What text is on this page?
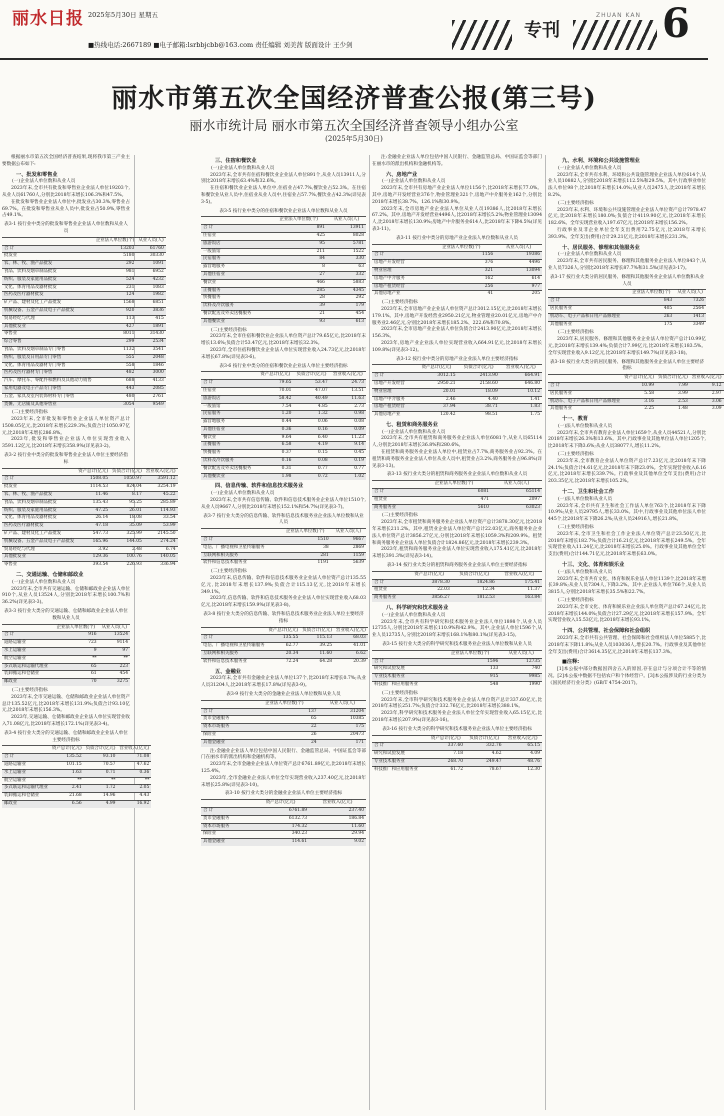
丽水日报 2025年5月30日 星期五
■热线电话:2667189 ■电子邮箱:lsrbbjcbb@163.com 责任编辑 刘美茜 版面设计 王少剑
专刊
ZHUAN KAN 6
丽水市第五次全国经济普查公报(第三号)
丽水市统计局 丽水市第五次全国经济普查领导小组办公室
(2025年5月30日)
根据丽水市第五次全国经济普查结果,现将我市第三产业主要数据公布如下:
一、批发和零售业
(一)企业法人单位数和从业人员
2023年末,全市共有批发和零售业企业法人单位19203个,从业人员61760人,分别比2018年末增长106.3%和47.5%。
在批发和零售业企业法人单位中,批发业占30.3%,零售业占69.7%。在批发和零售业从业人员中,批发业占50.9%,零售业占49.1%。
表3-1 按行业中类分的批发和零售业企业法人单位数和从业人员
	企业法人单位数(个)	从业人员(人)
合 计	13203	61760
批发业	5180	30330
农、林、牧、渔产品批发	292	1091
食品、饮料及烟草制品批发	981	6952
纺织、服装及家庭用品批发	524	4232
文化、体育用品及器材批发	231	1083
医药及医疗器材批发	124	1982
矿产品、建材及化工产品批发	1568	6851
机械设备、五金产品及电子产品批发	920	3836
贸易经纪与代理	113	415
其他批发业	427	1891
零售业	8011	31430
综合零售	299	2534
食品、饮料及烟草制品专门零售	1132	3541
纺织、服装及日用品专门零售	555	2048
文化、体育用品及器材专门零售	558	1846
医药及医疗器材专门零售	482	3000
汽车、摩托车、零配件和燃料及其他动力销售	688	4133
家用电器及电子产品专门零售	443	2085
五金、家具及室内装饰材料专门零售	480	2761
货摊、无店铺及其他零售业	3054	9549
(二)主要经济指标
2023年末,全市批发和零售业企业法人单位资产总计1508.05亿元,比2018年末增长229.3%;负债合计1050.97亿元,比2018年末增长286.8%。
2023年,批发和零售业企业法人单位实现营业收入3591.12亿元,比2018年末增长358.9%(详见表3-2)。
表3-2 按行业中类分的批发和零售业企业法人单位主要经济指标
	资产总计(亿元)	负债合计(亿元)	营业收入(亿元)
合 计	1508.05	1050.97	3591.12
批发业	1114.53	824.04	3254.19
农、林、牧、渔产品批发	11.46	8.17	45.22
食品、饮料及烟草制品批发	135.43	95.25	285.89
纺织、服装及家庭用品批发	47.25	26.01	114.93
文化、体育用品及器材批发	26.14	18.08	33.54
医药及医疗器材批发	47.18	35.09	53.99
矿产品、建材及化工产品批发	547.73	325.99	2145.50
机械设备、五金产品及电子产品批发	165.96	144.05	274.24
贸易经纪与代理	3.92	2.48	6.74
其他批发业	129.36	100.76	140.05
零售业	393.54	226.93	336.94
二、交通运输、仓储和邮政业
(一)企业法人单位数和从业人员
2023年末,全市共有交通运输、仓储和邮政业企业法人单位910个,从业人员13524人,分别比2018年末增长100.7%和36.2%(详见表3-3)。
表3-3 按行业大类分的交通运输、仓储和邮政业企业法人单位数和从业人员
	企业法人单位数(个)	从业人员(人)
合 计	916	13524
道路运输业	723	9114
水上运输业	9	97
航空运输业	**	**
多式联运和运输代理业	65	223
装卸搬运和仓储业	61	454
邮政业	70	3275
(二)主要经济指标
2023年末,全市交通运输、仓储和邮政业企业法人单位资产总计135.52亿元,比2018年末增长131.9%;负债合计93.10亿元,比2018年末增长156.3%。
2023年,交通运输、仓储和邮政业企业法人单位实现营业收入71.08亿元,比2018年末增长172.1%(详见表3-4)。
表3-4 按行业大类分的交通运输、仓储和邮政业企业法人单位主要经济指标
	资产总计(亿元)	负债合计(亿元)	营业收入(亿元)
合 计	135.52	93.10	71.08
道路运输业	101.15	70.57	47.62
水上运输业	1.63	0.71	0.36
航空运输业	**	**	**
多式联运和运输代理业	2.41	1.72	2.05
装卸搬运和仓储业	21.68	14.96	4.43
邮政业	6.56	4.99	16.92
三、住宿和餐饮业
(一)企业法人单位数和从业人员
2023年末,全市共有住宿和餐饮业企业法人单位891个,从业人员13911人,分别比2018年末增长63.4%和32.6%。
在住宿和餐饮业企业法人单位中,住宿业占47.7%,餐饮业占52.3%。在住宿和餐饮业从业人员中,住宿业从业人员中,住宿业占57.7%,餐饮业占42.3%(详见表3-5)。
表3-5 按行业中类分的住宿和餐饮业企业法人单位数和从业人员
	企业法人单位数(个)	从业人员(人)
合 计	891	13911
住宿业	425	8028
旅游饭店	95	5781
一般旅馆	211	1522
民宿服务	84	330
露营地服务	8	63
其他住宿业	27	332
餐饮业	466	5883
正餐服务	285	4345
快餐服务	28	292
饮料及冷饮服务	39	179
餐饮配送及外卖送餐服务	21	454
其他餐饮业	93	613
(二)主要经济指标
2023年末,全市住宿和餐饮业企业法人单位资产总计79.65亿元,比2018年末增长13.6%;负债合计53.47亿元,比2018年末增长32.3%。
2023年,全市住宿和餐饮业企业法人单位实现营业收入24.73亿元,比2018年末增长67.8%(详见表3-6)。
表3-6 按行业中类分的住宿和餐饮业企业法人单位主要经济指标
	资产总计(亿元)	负债合计(亿元)	营业收入(亿元)
合 计	79.65	53.47	24.73
住宿业	70.01	47.07	13.51
旅游饭店	58.42	40.49	11.63
一般旅馆	7.54	4.85	2.73
民宿服务	1.20	1.32	0.98
露营地服务	0.44	0.06	0.08
其他住宿业	0.36	0.16	0.09
餐饮业	9.64	6.40	11.23
正餐服务	6.58	4.19	9.14
快餐服务	0.37	0.15	0.45
饮料及冷饮服务	0.16	0.08	0.19
餐饮配送及外卖送餐服务	0.31	0.77	0.77
其他餐饮业	1.98	0.72	1.02
四、信息传输、软件和信息技术服务业
(一)企业法人单位数和从业人员
2023年末,全市共有信息传输、软件和信息技术服务业企业法人单位1510个,从业人员9667人,分别比2018年末增长152.1%和54.7%(详见表3-7)。
表3-7 按行业大类分的信息传输、软件和信息技术服务业企业法人单位数和从业人员
	企业法人单位数(个)	从业人员(人)
合 计	1510	9667
电信、广播电视和卫星传输服务	38	2869
互联网和相关服务	281	1159
软件和信息技术服务业	1191	5639
(二)主要经济指标
2023年末,信息传输、软件和信息技术服务业企业法人单位资产总计135.55亿元,比2018年末增长137.9%;负债合计115.13亿元,比2018年末增长349.1%。
2023年,信息传输、软件和信息技术服务业企业法人单位实现营业收入68.03亿元,比2018年末增长159.9%(详见表3-8)。
表3-8 按行业大类分的信息传输、软件和信息技术服务业企业法人单位主要经济指标
	资产总计(亿元)	负债合计(亿元)	营业收入(亿元)
合 计	135.55	115.13	68.03
电信、广播电视和卫星传输服务	62.77	39.25	41.01
互联网和相关服务	20.34	11.60	6.62
软件和信息技术服务业	72.24	64.28	20.39
五、金融业
2023年末,全市共有金融业企业法人单位137个,比2018年末增长0.7%;从业人员31204人,比2018年末增长17.8%(详见表3-9)。
表3-9 按行业大类分的金融业企业法人单位数和从业人员
	企业法人单位数(个)	从业人员(人)
合 计	137	31204
货币金融服务	65	10385
资本市场服务	22	175
保险业	26	20473
其他金融业	24	171
注:金融业企业法人单位包括中国人民银行、金融监管总局、中国证监会等部门在丽水市的派出机构和金融机构等。
2023年末,全市金融业企业法人单位资产总计6761.89亿元,比2018年末增长125.4%。
2023年,全市金融业企业法人单位全年实现营业收入237.40亿元,比2018年末增长25.8%(详见表3-10)。
表3-10 按行业大类分的金融业企业法人单位主要经济指标
	资产总计(亿元)	营业收入(亿元)
合 计	6761.89	237.40
货币金融服务	6132.73	186.84
资本市场服务	174.32	11.60
保险业	340.23	29.94
其他金融业	114.61	9.02
注:金融业企业法人单位包括中国人民银行、金融监管总局、中国证监会等部门在丽水市的派出机构和金融机构等。
六、房地产业
(一)企业法人单位数和从业人员
2023年末,全市共有房地产业企业法人单位1156个,比2018年末增长77.0%。其中,房地产开发经营业376个,物业管理业321个,房地产中介服务业162个,分别比2018年末增长38.7%、126.1%和30.9%。
2023年末,全市房地产业企业法人单位从业人员19386人,比2018年末增长67.2%。其中,房地产开发经营业4496人,比2018年末增长5.2%;物业管理业13094人,比2018年末增长130.9%;房地产中介服务业614人,比2018年末下降4.5%(详见表3-11)。
表3-11 按行业中类分的房地产业企业法人单位数和从业人员
	企业法人单位数(个)	从业人员(人)
合 计	1156	19386
房地产开发经营	376	4496
物业管理	321	13094
房地产中介服务	162	614
房地产租赁经营	256	977
其他房地产业	41	205
(二)主要经济指标
2023年末,全市房地产业企业法人单位资产总计3012.15亿元,比2018年末增长179.1%。其中,房地产开发经营业2950.21亿元,物业管理业20.01亿元,房地产中介服务业2.46亿元,分别比2018年末增长185.2%、222.6%和70.8%。
2023年末,全市房地产业企业法人单位负债合计2413.90亿元,比2018年末增长156.3%。
2023年,房地产业企业法人单位实现营业收入664.91亿元,比2018年末增长109.8%(详见表3-12)。
表3-12 按行业中类分的房地产业企业法人单位主要经济指标
	资产总计(亿元)	负债合计(亿元)	营业收入(亿元)
合 计	3012.15	2413.90	664.91
房地产开发经营	2950.21	2158.60	646.80
物业管理	20.01	18.09	10.12
房地产中介服务	2.46	4.40	1.41
房地产租赁经营	37.94	38.71	1.83
其他房地产业	120.42	98.51	1.75
七、租赁和商务服务业
(一)企业法人单位数和从业人员
2023年末,全市共有租赁和商务服务业企业法人单位6081个,从业人员65114人,分别比2018年末增长36.8%和280.6%。
在租赁和商务服务业企业法人单位中,租赁业占7.7%,商务服务业占92.3%。在租赁和商务服务业企业法人单位从业人员中,租赁业占3.2%,商务服务业占96.8%(详见表3-13)。
表3-13 按行业大类分的租赁和商务服务业企业法人单位数和从业人员
	企业法人单位数(个)	从业人员(人)
合 计	6081	65114
租赁业	471	2097
商务服务业	5610	63023
(二)主要经济指标
2023年末,全市租赁和商务服务业企业法人单位资产总计3878.30亿元,比2018年末增长211.2%。其中,租赁业企业法人单位资产总计22.03亿元,商务服务业企业法人单位资产总计3856.27亿元,分别比2018年末增长1059.3%和209.9%。租赁和商务服务业企业法人单位负债合计1824.86亿元,比2018年末增长239.3%。
2023年,租赁和商务服务业企业法人单位实现营业收入175.41亿元,比2018年末增长391.3%(详见表3-14)。
表3-14 按行业大类分的租赁和商务服务业企业法人单位主要经济指标
	资产总计(亿元)	负债合计(亿元)	营业收入(亿元)
合 计	3878.30	1824.86	175.41
租赁业	22.03	12.34	11.37
商务服务业	3856.27	1812.53	163.84
八、科学研究和技术服务业
(一)企业法人单位数和从业人员
2023年末,全市共有科学研究和技术服务业企业法人单位1898个,从业人员12735人,分别比2018年末增长110.9%和42.9%。其中,企业法人单位1596个,从业人员12735人,分别比2018年末增长168.1%和80.1%(详见表3-15)。
表3-15 按行业大类分的科学研究和技术服务业企业法人单位数和从业人员
	企业法人单位数(个)	从业人员(人)
合 计	1596	12735
研究和试验发展	133	740
专业技术服务业	915	9985
科技推广和应用服务业	548	1990
(二)主要经济指标
2023年末,全市科学研究和技术服务业企业法人单位资产总计337.60亿元,比2018年末增长251.7%;负债合计332.76亿元,比2018年末增长388.1%。
2023年,科学研究和技术服务业企业法人单位全年实现营业收入65.15亿元,比2018年末增长207.9%(详见表3-16)。
表3-16 按行业大类分的科学研究和技术服务业企业法人单位主要经济指标
	资产总计(亿元)	负债合计(亿元)	营业收入(亿元)
合 计	337.60	332.76	65.15
研究和试验发展	7.18	4.62	4.09
专业技术服务业	268.70	249.47	48.76
科技推广和应用服务业	61.72	78.67	12.30
九、水利、环境和公共设施管理业
(一)企业法人单位数和从业人员
2023年末,全市共有水利、环境和公共设施管理业企业法人单位614个,从业人员10882人,分别比2018年末增长112.5%和29.5%。其中,行政事业单位法人单位98个,比2018年末增长14.0%;从业人员2475人,比2018年末增长8.2%。
(二)主要经济指标
2023年末,水利、环境和公共设施管理业企业法人单位资产总计7978.47亿元,比2018年末增长180.0%;负债合计4119.90亿元,比2018年末增长182.6%。全年实现营业收入197.67亿元,比2018年末增长156.2%。
行政事业及非企业单位全年支出费用72.75亿元,比2018年末增长393.9%。全年支出(费用)合计29.21亿元,比2018年末增长231.3%。
十、居民服务、修理和其他服务业
(一)企业法人单位数和从业人员
2023年末,全市共有居民服务、修理和其他服务业企业法人单位843个,从业人员7326人,分别比2018年末增长87.7%和31.5%(详见表3-17)。
表3-17 按行业大类分的居民服务、修理和其他服务业企业法人单位数和从业人员
	企业法人单位数(个)	从业人员(人)
合 计	843	7326
居民服务业	405	2564
机动车、电子产品和日用产品修理业	263	1413
其他服务业	175	3349
(二)主要经济指标
2023年末,居民服务、修理和其他服务业企业法人单位资产总计10.99亿元,比2018年末增长139.4%;负债合计7.99亿元,比2018年末增长183.5%。全年实现营业收入9.12亿元,比2018年末增长149.7%(详见表3-18)。
表3-18 按行业大类分的居民服务、修理和其他服务业企业法人单位主要经济指标
	资产总计(亿元)	负债合计(亿元)	营业收入(亿元)
合 计	10.99	7.99	9.12
居民服务业	5.58	3.99	2.97
机动车、电子产品和日用产品修理业	3.16	2.53	3.06
其他服务业	2.25	1.48	3.09
十一、教育
(一)法人单位数和从业人员
2023年末,全市共有教育企业法人单位1659个,从业人员44521人,分别比2018年末增长26.3%和13.6%。其中,行政事业及其他单位法人单位1205个,比2018年末下降3.6%;从业人员38077人,增长11.2%。
(二)主要经济指标
2023年末,全市教育企业法人单位资产总计7.23亿元,比2018年末下降24.1%;负债合计4.61亿元,比2018年末下降23.0%。全年实现营业收入6.16亿元,比2018年末增长339.7%。行政事业及其他单位全年支出(费用)合计203.35亿元,比2018年末增长105.2%。
十二、卫生和社会工作
(一)法人单位数和从业人员
2023年末,全市共有卫生和社会工作法人单位763个,比2018年末下降10.9%;从业人员29795人,增长33.0%。其中,行政事业及其他单位法人单位445个,比2018年末下降26.2%;从业人员24916人,增长21.8%。
(二)主要经济指标
2023年末,全市卫生和社会工作企业法人单位资产总计23.50亿元,比2018年末增长182.7%;负债合计16.21亿元,比2018年末增长249.5%。全年实现营业收入11.24亿元,比2018年末增长25.0%。行政事业及其他单位全年支出(费用)合计144.71亿元,比2018年末增长63.0%。
十三、文化、体育和娱乐业
(一)法人单位数和从业人员
2023年末,全市共有文化、体育和娱乐业法人单位1139个,比2018年末增长39.8%;从业人员7304人,下降3.2%。其中,企业法人单位766个,从业人员3815人,分别比2018年末增长35.5%和22.7%。
(二)主要经济指标
2023年末,全市文化、体育和娱乐业企业法人单位资产总计67.24亿元,比2018年末增长144.0%;负债合计27.29亿元,比2018年末增长157.9%。全年实现营业收入15.53亿元,比2018年末增长93.1%。
十四、公共管理、社会保障和社会组织
2023年末,全市共有公共管理、社会保障和社会组织法人单位5885个,比2018年末下降11.8%;从业人员103036人,增长20.7%。行政事业及其他单位全年支出(费用)合计3614.35亿元,比2018年末增长137.3%。
■注释:
[1]本公报中部分数据因四舍五入的原因,存在总计与分项合计不等的情况。[2]本公报中数据不包括农户和个体经营户。[3]本公报涉及的行业分类为《国民经济行业分类》(GB/T 4754-2017)。
